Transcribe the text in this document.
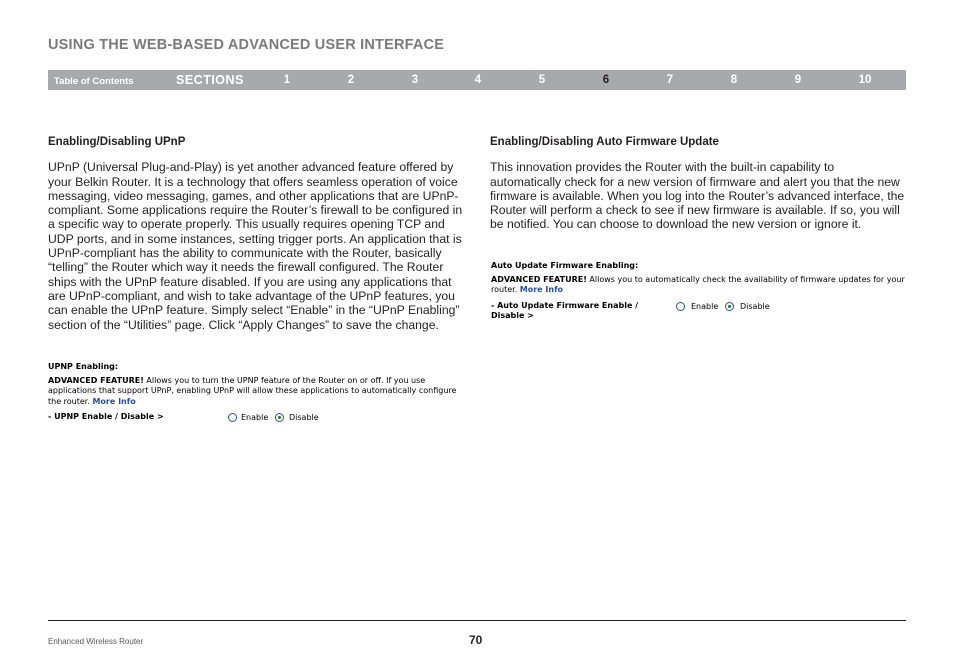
USING THE WEB-BASED ADVANCED USER INTERFACE
Table of Contents	SECTIONS	1	2	3	4	5	6	7	8	9	10
Enabling/Disabling UPnP

UPnP (Universal Plug-and-Play) is yet another advanced feature offered by your Belkin Router. It is a technology that offers seamless operation of voice messaging, video messaging, games, and other applications that are UPnP-compliant. Some applications require the Router’s firewall to be configured in a specific way to operate properly. This usually requires opening TCP and UDP ports, and in some instances, setting trigger ports. An application that is UPnP-compliant has the ability to communicate with the Router, basically “telling” the Router which way it needs the firewall configured. The Router ships with the UPnP feature disabled. If you are using any applications that are UPnP-compliant, and wish to take advantage of the UPnP features, you can enable the UPnP feature. Simply select “Enable” in the “UPnP Enabling” section of the “Utilities” page. Click “Apply Changes” to save the change.

UPNP Enabling:
ADVANCED FEATURE! Allows you to turn the UPNP feature of the Router on or off. If you use applications that support UPnP, enabling UPnP will allow these applications to automatically configure the router. More Info
- UPNP Enable / Disable >	Enable	Disable
Enabling/Disabling Auto Firmware Update

This innovation provides the Router with the built-in capability to automatically check for a new version of firmware and alert you that the new firmware is available. When you log into the Router’s advanced interface, the Router will perform a check to see if new firmware is available. If so, you will be notified. You can choose to download the new version or ignore it.

Auto Update Firmware Enabling:
ADVANCED FEATURE! Allows you to automatically check the availability of firmware updates for your router. More Info
- Auto Update Firmware Enable /
Disable >
Enable	Disable
Enhanced Wireless Router	70
